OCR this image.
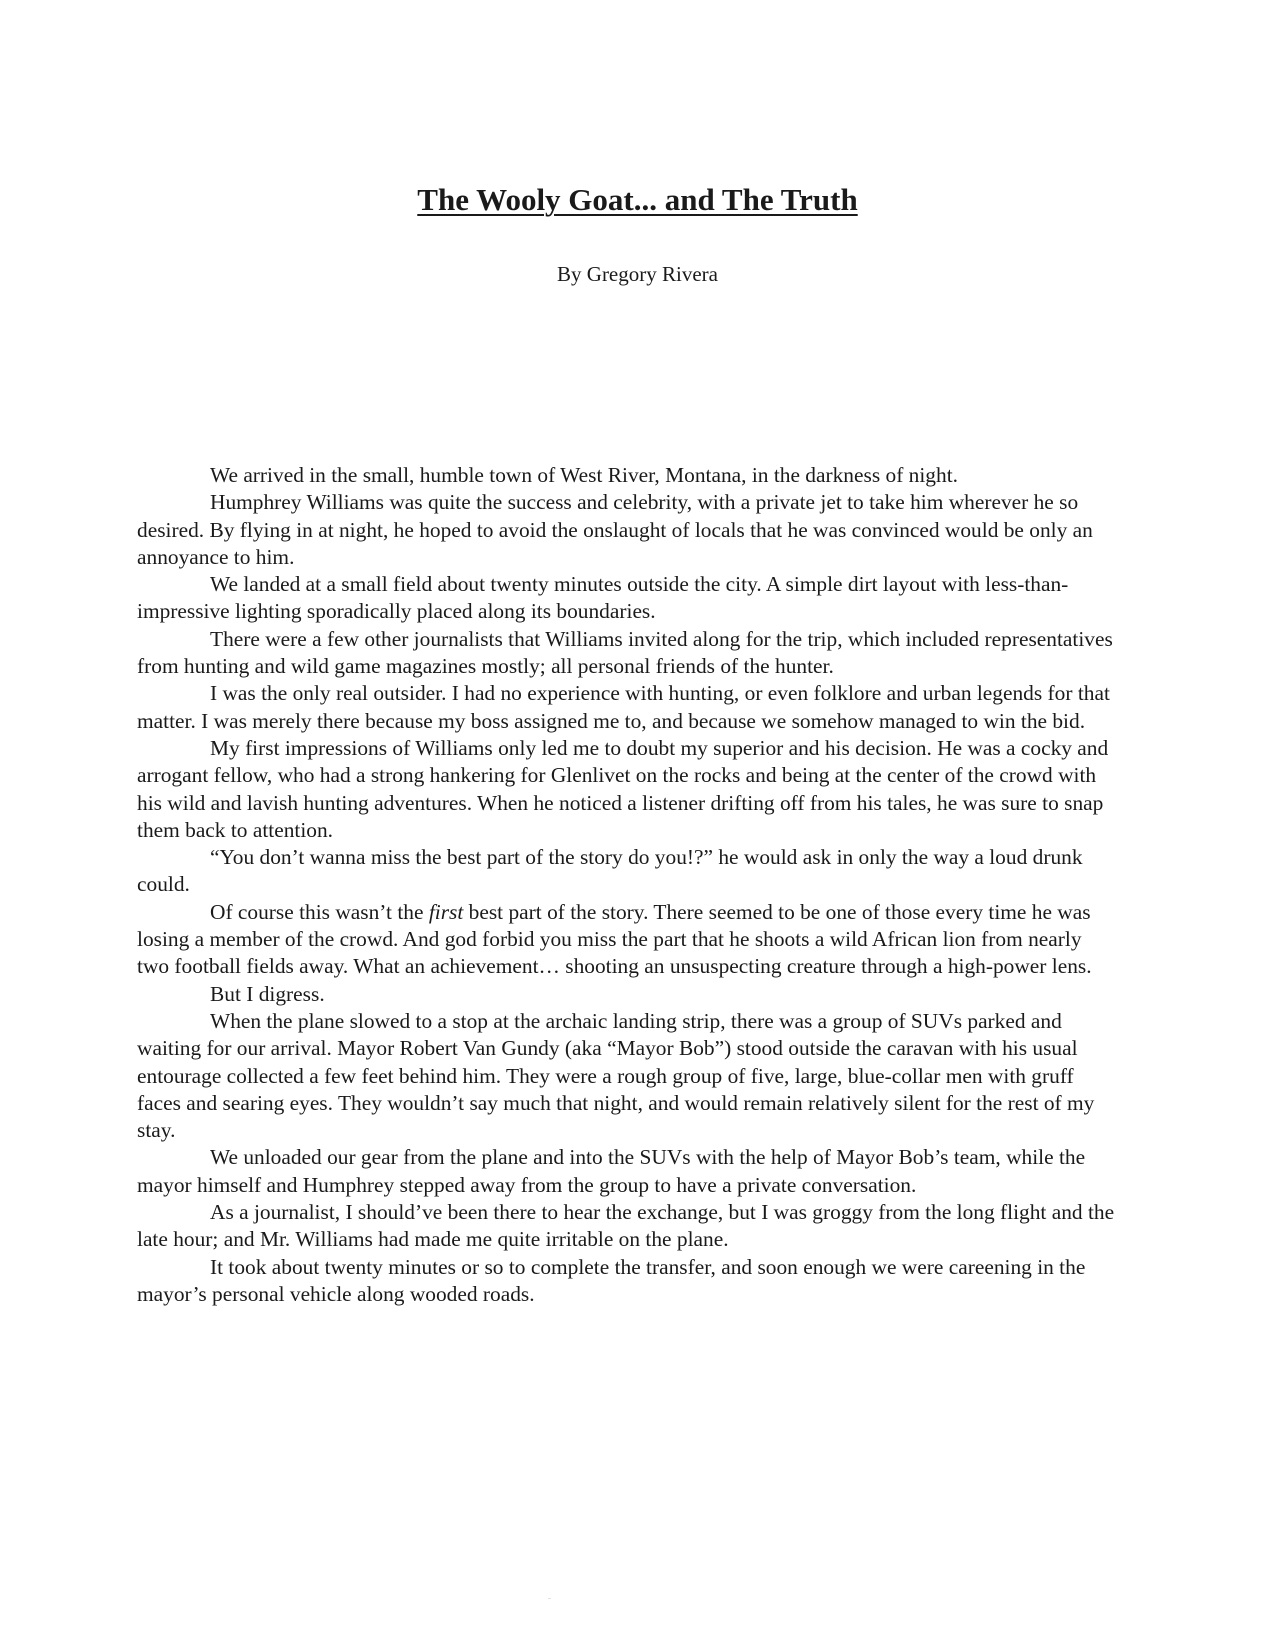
The Wooly Goat... and The Truth

By Gregory Rivera

We arrived in the small, humble town of West River, Montana, in the darkness of night.

Humphrey Williams was quite the success and celebrity, with a private jet to take him wherever he so desired. By flying in at night, he hoped to avoid the onslaught of locals that he was convinced would be only an annoyance to him.

We landed at a small field about twenty minutes outside the city. A simple dirt layout with less-than-impressive lighting sporadically placed along its boundaries.

There were a few other journalists that Williams invited along for the trip, which included representatives from hunting and wild game magazines mostly; all personal friends of the hunter.

I was the only real outsider. I had no experience with hunting, or even folklore and urban legends for that matter. I was merely there because my boss assigned me to, and because we somehow managed to win the bid.

My first impressions of Williams only led me to doubt my superior and his decision. He was a cocky and arrogant fellow, who had a strong hankering for Glenlivet on the rocks and being at the center of the crowd with his wild and lavish hunting adventures. When he noticed a listener drifting off from his tales, he was sure to snap them back to attention.

“You don’t wanna miss the best part of the story do you!?” he would ask in only the way a loud drunk could.

Of course this wasn’t the first best part of the story. There seemed to be one of those every time he was losing a member of the crowd. And god forbid you miss the part that he shoots a wild African lion from nearly two football fields away. What an achievement… shooting an unsuspecting creature through a high-power lens.

But I digress.

When the plane slowed to a stop at the archaic landing strip, there was a group of SUVs parked and waiting for our arrival. Mayor Robert Van Gundy (aka “Mayor Bob”) stood outside the caravan with his usual entourage collected a few feet behind him. They were a rough group of five, large, blue-collar men with gruff faces and searing eyes. They wouldn’t say much that night, and would remain relatively silent for the rest of my stay.

We unloaded our gear from the plane and into the SUVs with the help of Mayor Bob’s team, while the mayor himself and Humphrey stepped away from the group to have a private conversation.

As a journalist, I should’ve been there to hear the exchange, but I was groggy from the long flight and the late hour; and Mr. Williams had made me quite irritable on the plane.

It took about twenty minutes or so to complete the transfer, and soon enough we were careening in the mayor’s personal vehicle along wooded roads.
